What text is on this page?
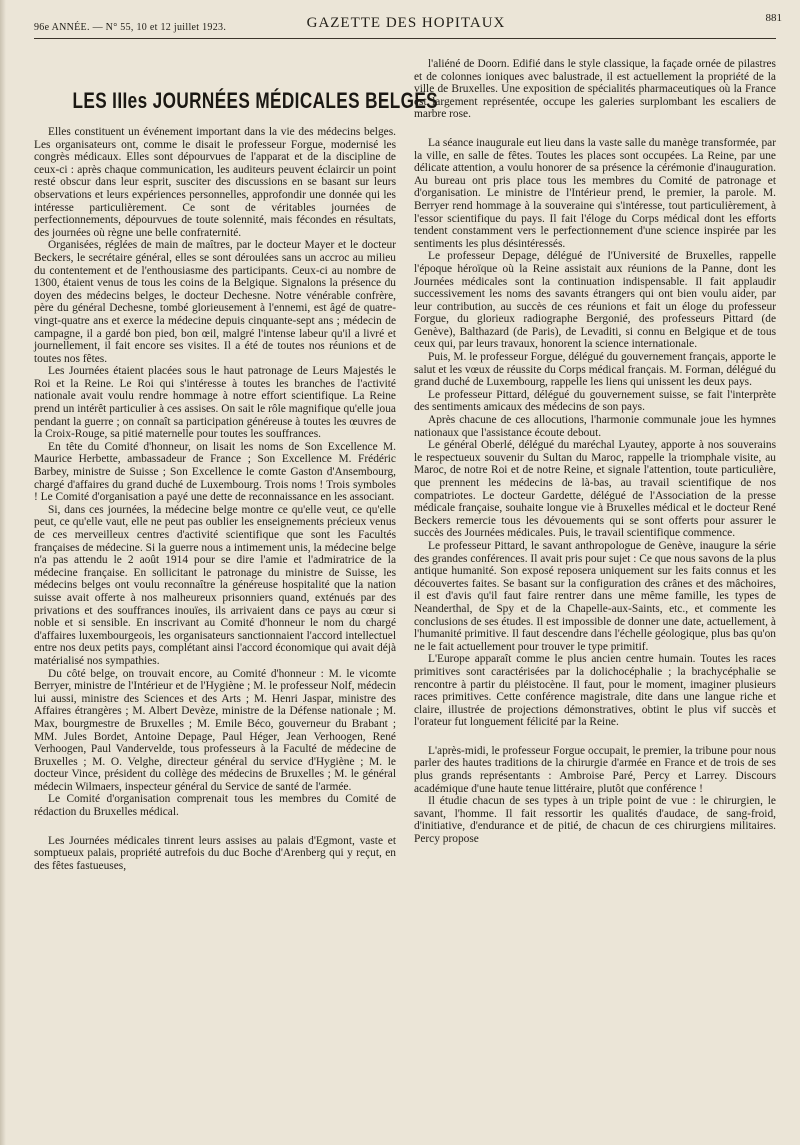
96e ANNÉE. — N° 55, 10 et 12 juillet 1923.	GAZETTE DES HOPITAUX	881
LES IIIes JOURNÉES MÉDICALES BELGES

Elles constituent un événement important dans la vie des médecins belges. Les organisateurs ont, comme le disait le professeur Forgue, modernisé les congrès médicaux. Elles sont dépourvues de l'apparat et de la discipline de ceux-ci : après chaque communication, les auditeurs peuvent éclaircir un point resté obscur dans leur esprit, susciter des discussions en se basant sur leurs observations et leurs expériences personnelles, approfondir une donnée qui les intéresse particulièrement. Ce sont de véritables journées de perfectionnements, dépourvues de toute solennité, mais fécondes en résultats, des journées où règne une belle confraternité.

Organisées, réglées de main de maîtres, par le docteur Mayer et le docteur Beckers, le secrétaire général, elles se sont déroulées sans un accroc au milieu du contentement et de l'enthousiasme des participants. Ceux-ci au nombre de 1300, étaient venus de tous les coins de la Belgique. Signalons la présence du doyen des médecins belges, le docteur Dechesne. Notre vénérable confrère, père du général Dechesne, tombé glorieusement à l'ennemi, est âgé de quatre-vingt-quatre ans et exerce la médecine depuis cinquante-sept ans ; médecin de campagne, il a gardé bon pied, bon œil, malgré l'intense labeur qu'il a livré et journellement, il fait encore ses visites. Il a été de toutes nos réunions et de toutes nos fêtes.

Les Journées étaient placées sous le haut patronage de Leurs Majestés le Roi et la Reine. Le Roi qui s'intéresse à toutes les branches de l'activité nationale avait voulu rendre hommage à notre effort scientifique. La Reine prend un intérêt particulier à ces assises. On sait le rôle magnifique qu'elle joua pendant la guerre ; on connaît sa participation généreuse à toutes les œuvres de la Croix-Rouge, sa pitié maternelle pour toutes les souffrances.

En tête du Comité d'honneur, on lisait les noms de Son Excellence M. Maurice Herbette, ambassadeur de France ; Son Excellence M. Frédéric Barbey, ministre de Suisse ; Son Excellence le comte Gaston d'Ansembourg, chargé d'affaires du grand duché de Luxembourg. Trois noms ! Trois symboles ! Le Comité d'organisation a payé une dette de reconnaissance en les associant.

Si, dans ces journées, la médecine belge montre ce qu'elle veut, ce qu'elle peut, ce qu'elle vaut, elle ne peut pas oublier les enseignements précieux venus de ces merveilleux centres d'activité scientifique que sont les Facultés françaises de médecine. Si la guerre nous a intimement unis, la médecine belge n'a pas attendu le 2 août 1914 pour se dire l'amie et l'admiratrice de la médecine française. En sollicitant le patronage du ministre de Suisse, les médecins belges ont voulu reconnaître la généreuse hospitalité que la nation suisse avait offerte à nos malheureux prisonniers quand, exténués par des privations et des souffrances inouïes, ils arrivaient dans ce pays au cœur si noble et si sensible. En inscrivant au Comité d'honneur le nom du chargé d'affaires luxembourgeois, les organisateurs sanctionnaient l'accord intellectuel entre nos deux petits pays, complétant ainsi l'accord économique qui avait déjà matérialisé nos sympathies.

Du côté belge, on trouvait encore, au Comité d'honneur : M. le vicomte Berryer, ministre de l'Intérieur et de l'Hygiène ; M. le professeur Nolf, médecin lui aussi, ministre des Sciences et des Arts ; M. Henri Jaspar, ministre des Affaires étrangères ; M. Albert Devèze, ministre de la Défense nationale ; M. Max, bourgmestre de Bruxelles ; M. Emile Béco, gouverneur du Brabant ; MM. Jules Bordet, Antoine Depage, Paul Héger, Jean Verhoogen, René Verhoogen, Paul Vandervelde, tous professeurs à la Faculté de médecine de Bruxelles ; M. O. Velghe, directeur général du service d'Hygiène ; M. le docteur Vince, président du collège des médecins de Bruxelles ; M. le général médecin Wilmaers, inspecteur général du Service de santé de l'armée.

Le Comité d'organisation comprenait tous les membres du Comité de rédaction du Bruxelles médical.

Les Journées médicales tinrent leurs assises au palais d'Egmont, vaste et somptueux palais, propriété autrefois du duc Boche d'Arenberg qui y reçut, en des fêtes fastueuses,

l'aliéné de Doorn. Edifié dans le style classique, la façade ornée de pilastres et de colonnes ioniques avec balustrade, il est actuellement la propriété de la ville de Bruxelles. Une exposition de spécialités pharmaceutiques où la France est largement représentée, occupe les galeries surplombant les escaliers de marbre rose.

La séance inaugurale eut lieu dans la vaste salle du manège transformée, par la ville, en salle de fêtes. Toutes les places sont occupées. La Reine, par une délicate attention, a voulu honorer de sa présence la cérémonie d'inauguration. Au bureau ont pris place tous les membres du Comité de patronage et d'organisation. Le ministre de l'Intérieur prend, le premier, la parole. M. Berryer rend hommage à la souveraine qui s'intéresse, tout particulièrement, à l'essor scientifique du pays. Il fait l'éloge du Corps médical dont les efforts tendent constamment vers le perfectionnement d'une science inspirée par les sentiments les plus désintéressés.

Le professeur Depage, délégué de l'Université de Bruxelles, rappelle l'époque héroïque où la Reine assistait aux réunions de la Panne, dont les Journées médicales sont la continuation indispensable. Il fait applaudir successivement les noms des savants étrangers qui ont bien voulu aider, par leur contribution, au succès de ces réunions et fait un éloge du professeur Forgue, du glorieux radiographe Bergonié, des professeurs Pittard (de Genève), Balthazard (de Paris), de Levaditi, si connu en Belgique et de tous ceux qui, par leurs travaux, honorent la science internationale.

Puis, M. le professeur Forgue, délégué du gouvernement français, apporte le salut et les vœux de réussite du Corps médical français. M. Forman, délégué du grand duché de Luxembourg, rappelle les liens qui unissent les deux pays.

Le professeur Pittard, délégué du gouvernement suisse, se fait l'interprète des sentiments amicaux des médecins de son pays.

Après chacune de ces allocutions, l'harmonie communale joue les hymnes nationaux que l'assistance écoute debout.

Le général Oberlé, délégué du maréchal Lyautey, apporte à nos souverains le respectueux souvenir du Sultan du Maroc, rappelle la triomphale visite, au Maroc, de notre Roi et de notre Reine, et signale l'attention, toute particulière, que prennent les médecins de là-bas, au travail scientifique de nos compatriotes. Le docteur Gardette, délégué de l'Association de la presse médicale française, souhaite longue vie à Bruxelles médical et le docteur René Beckers remercie tous les dévouements qui se sont offerts pour assurer le succès des Journées médicales. Puis, le travail scientifique commence.

Le professeur Pittard, le savant anthropologue de Genève, inaugure la série des grandes conférences. Il avait pris pour sujet : Ce que nous savons de la plus antique humanité. Son exposé reposera uniquement sur les faits connus et les découvertes faites. Se basant sur la configuration des crânes et des mâchoires, il est d'avis qu'il faut faire rentrer dans une même famille, les types de Neanderthal, de Spy et de la Chapelle-aux-Saints, etc., et commente les conclusions de ses études. Il est impossible de donner une date, actuellement, à l'humanité primitive. Il faut descendre dans l'échelle géologique, plus bas qu'on ne le fait actuellement pour trouver le type primitif.

L'Europe apparaît comme le plus ancien centre humain. Toutes les races primitives sont caractérisées par la dolichocéphalie ; la brachycéphalie se rencontre à partir du pléistocène. Il faut, pour le moment, imaginer plusieurs races primitives. Cette conférence magistrale, dite dans une langue riche et claire, illustrée de projections démonstratives, obtint le plus vif succès et l'orateur fut longuement félicité par la Reine.

L'après-midi, le professeur Forgue occupait, le premier, la tribune pour nous parler des hautes traditions de la chirurgie d'armée en France et de trois de ses plus grands représentants : Ambroise Paré, Percy et Larrey. Discours académique d'une haute tenue littéraire, plutôt que conférence !

Il étudie chacun de ses types à un triple point de vue : le chirurgien, le savant, l'homme. Il fait ressortir les qualités d'audace, de sang-froid, d'initiative, d'endurance et de pitié, de chacun de ces chirurgiens militaires. Percy propose
